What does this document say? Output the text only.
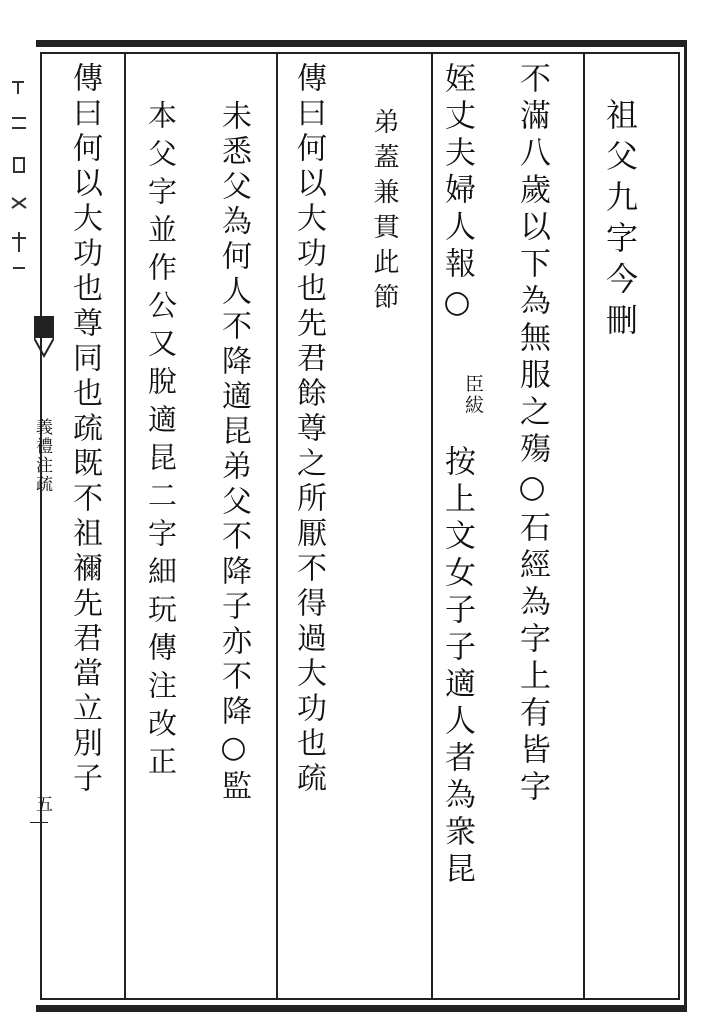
義禮注疏
五
祖父九字今刪
不滿八歲以下為無服之殤○石經為字上有皆字
姪丈夫婦人報○
臣紱
按上文女子子適人者為衆昆
弟蓋兼貫此節
傳曰何以大功也先君餘尊之所厭不得過大功也疏
未悉父為何人不降適昆弟父不降子亦不降○監
本父字並作公又脫適昆二字細玩傳注改正
傳曰何以大功也尊同也疏既不祖禰先君當立別子
